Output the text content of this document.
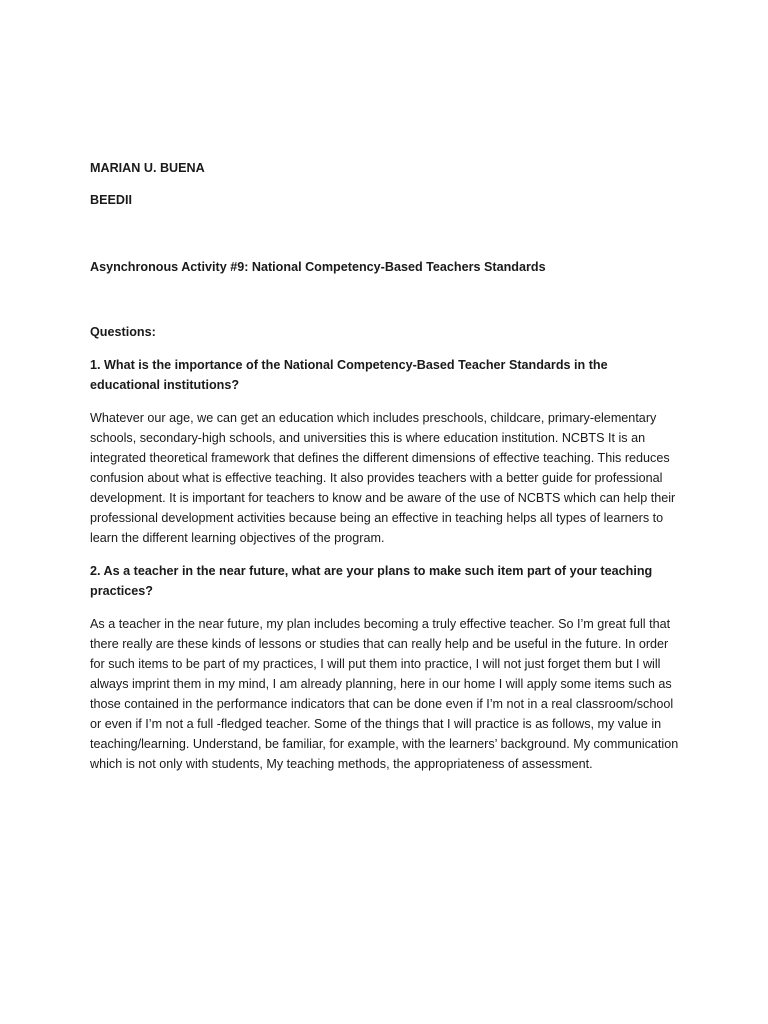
MARIAN U. BUENA

BEEDII

Asynchronous Activity #9: National Competency-Based Teachers Standards

Questions:

1. What is the importance of the National Competency-Based Teacher Standards in the educational institutions?

Whatever our age, we can get an education which includes preschools, childcare, primary-elementary schools, secondary-high schools, and universities this is where education institution. NCBTS It is an integrated theoretical framework that defines the different dimensions of effective teaching. This reduces confusion about what is effective teaching. It also provides teachers with a better guide for professional development. It is important for teachers to know and be aware of the use of NCBTS which can help their professional development activities because being an effective in teaching helps all types of learners to learn the different learning objectives of the program.

2. As a teacher in the near future, what are your plans to make such item part of your teaching practices?

As a teacher in the near future, my plan includes becoming a truly effective teacher. So I’m great full that there really are these kinds of lessons or studies that can really help and be useful in the future. In order for such items to be part of my practices, I will put them into practice, I will not just forget them but I will always imprint them in my mind, I am already planning, here in our home I will apply some items such as those contained in the performance indicators that can be done even if I’m not in a real classroom/school or even if I’m not a full -fledged teacher. Some of the things that I will practice is as follows, my value in teaching/learning. Understand, be familiar, for example, with the learners’ background. My communication which is not only with students, My teaching methods, the appropriateness of assessment.
